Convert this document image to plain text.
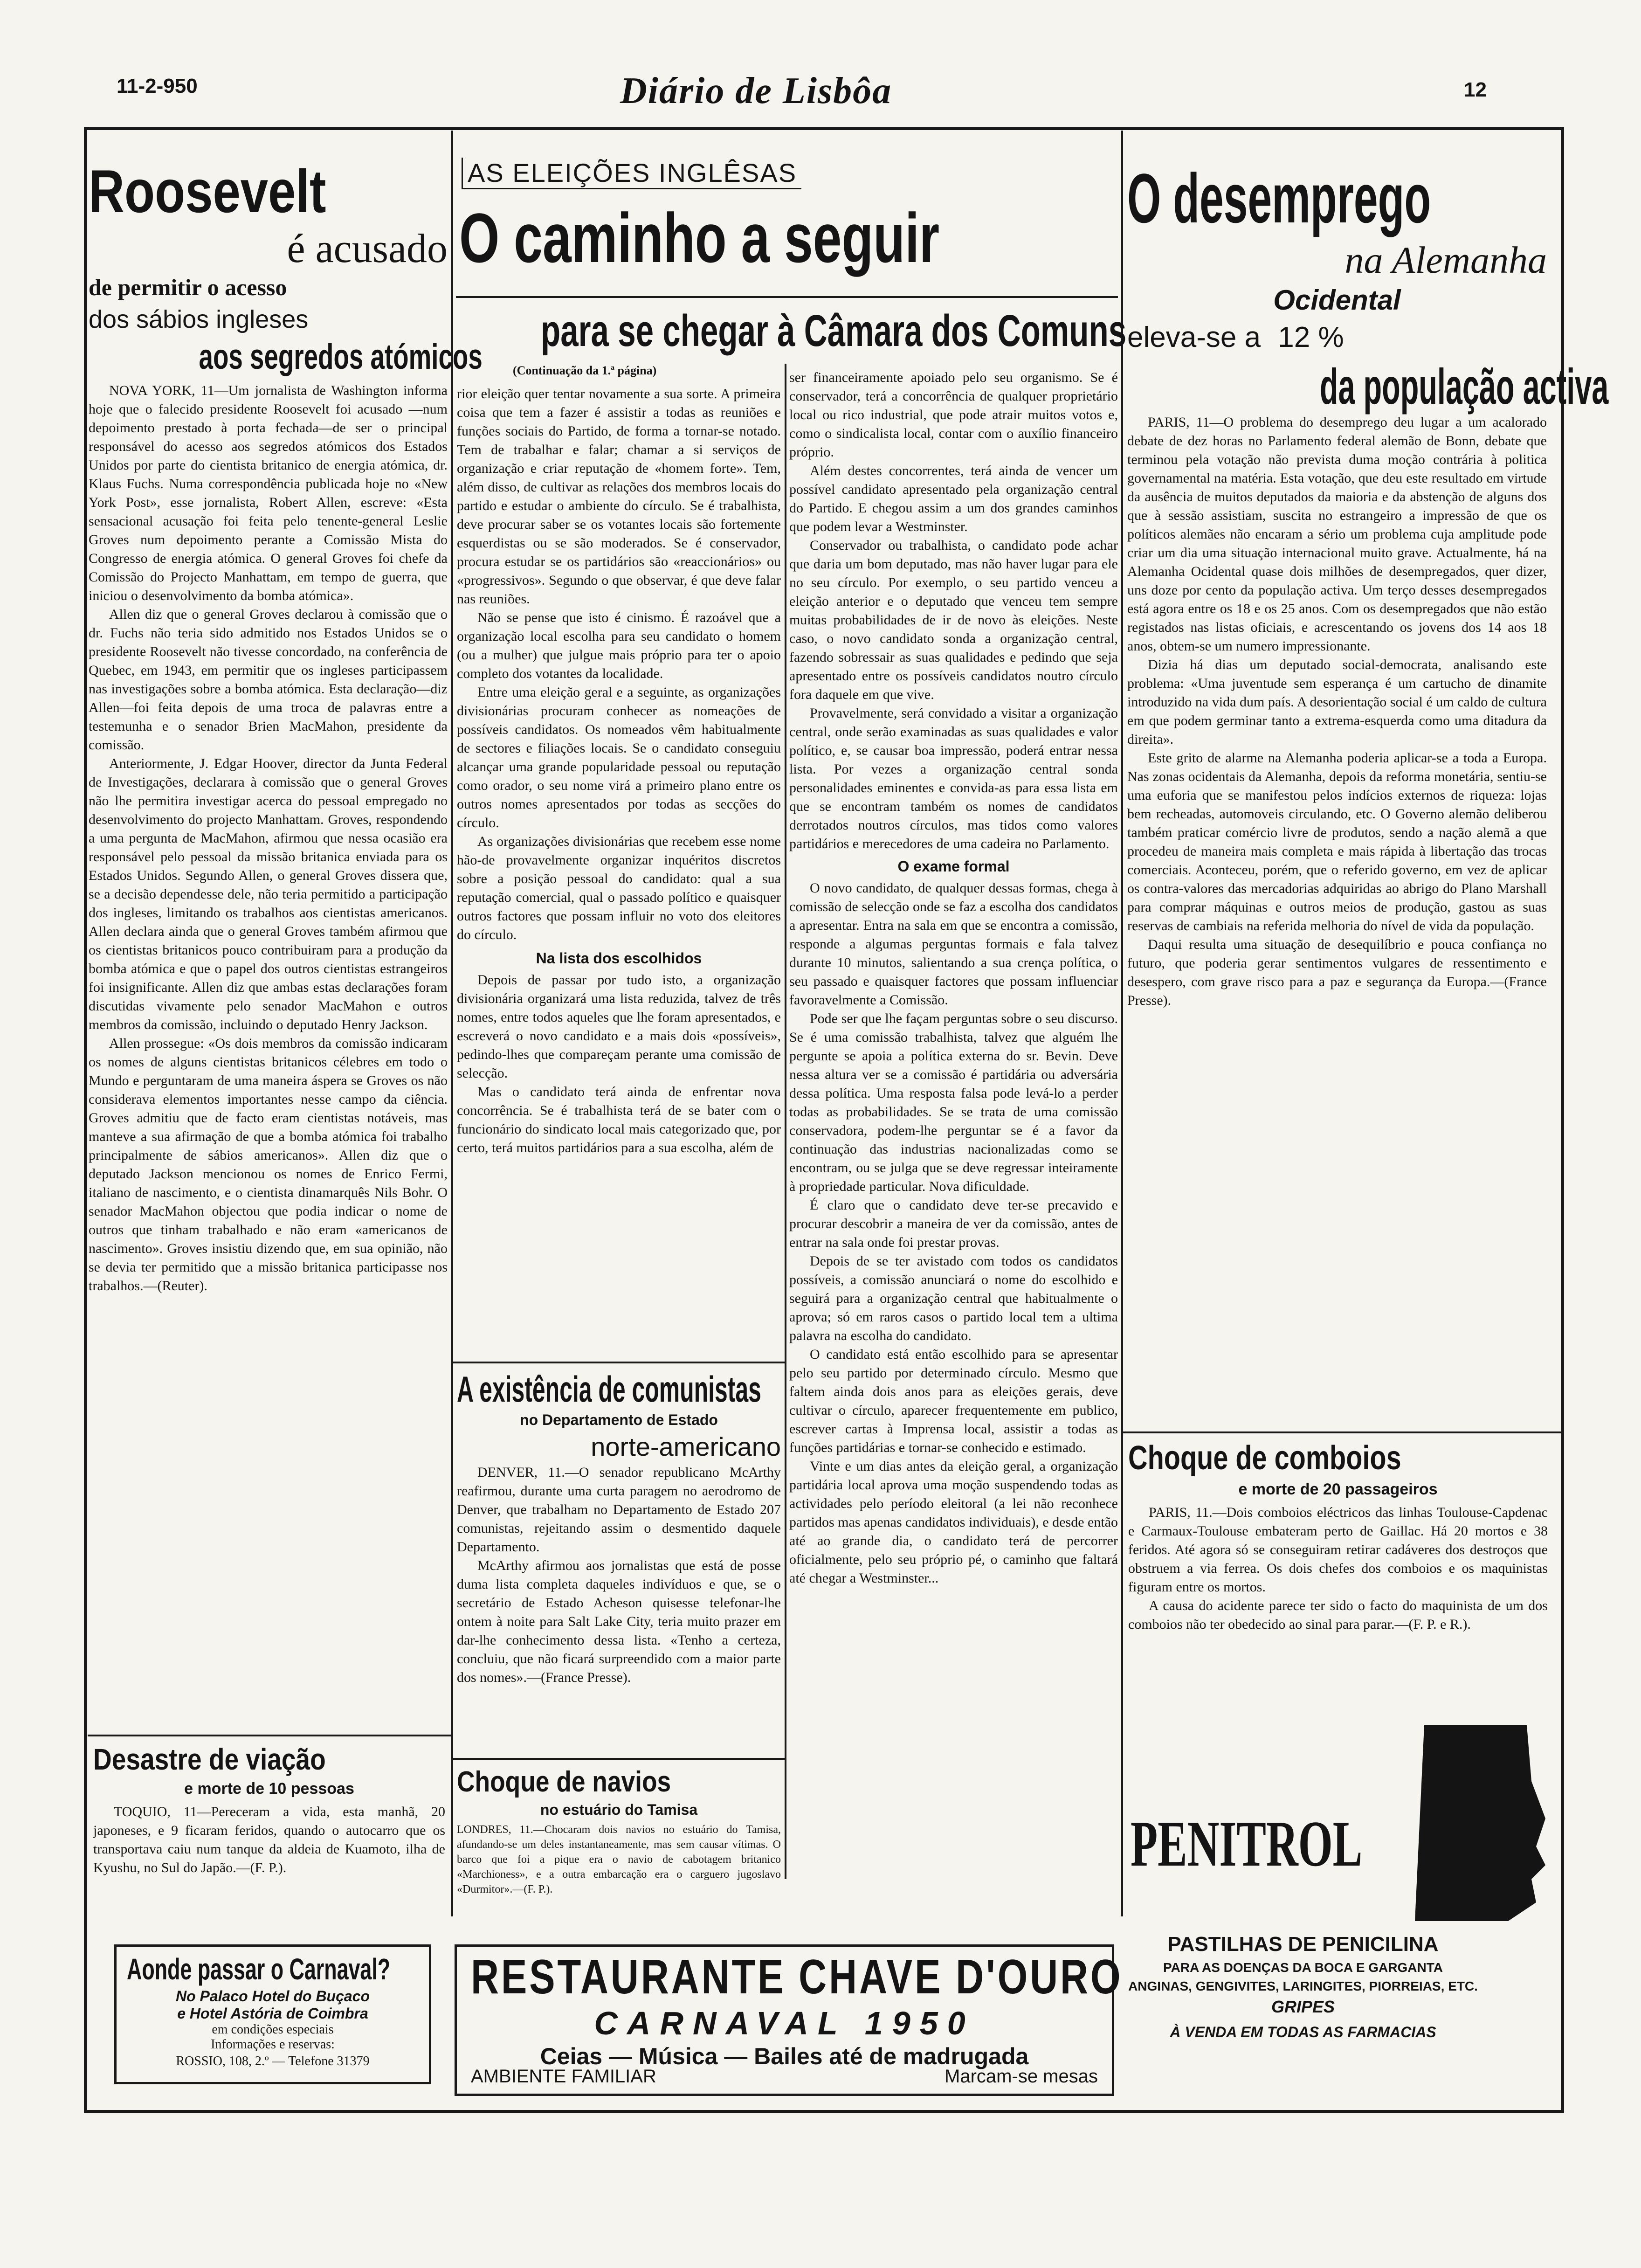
11-2-950	Diário de Lisbôa	12
Roosevelt
é acusado
de permitir o acesso
dos sábios ingleses
aos segredos atómicos

NOVA YORK, 11—Um jornalista de Washington informa hoje que o falecido presidente Roosevelt foi acusado —num depoimento prestado à porta fechada—de ser o principal responsável do acesso aos segredos atómicos dos Estados Unidos por parte do cientista britanico de energia atómica, dr. Klaus Fuchs. Numa correspondência publicada hoje no «New York Post», esse jornalista, Robert Allen, escreve: «Esta sensacional acusação foi feita pelo tenente-general Leslie Groves num depoimento perante a Comissão Mista do Congresso de energia atómica. O general Groves foi chefe da Comissão do Projecto Manhattam, em tempo de guerra, que iniciou o desenvolvimento da bomba atómica».

Allen diz que o general Groves declarou à comissão que o dr. Fuchs não teria sido admitido nos Estados Unidos se o presidente Roosevelt não tivesse concordado, na conferência de Quebec, em 1943, em permitir que os ingleses participassem nas investigações sobre a bomba atómica. Esta declaração—diz Allen—foi feita depois de uma troca de palavras entre a testemunha e o senador Brien MacMahon, presidente da comissão.

Anteriormente, J. Edgar Hoover, director da Junta Federal de Investigações, declarara à comissão que o general Groves não lhe permitira investigar acerca do pessoal empregado no desenvolvimento do projecto Manhattam. Groves, respondendo a uma pergunta de MacMahon, afirmou que nessa ocasião era responsável pelo pessoal da missão britanica enviada para os Estados Unidos. Segundo Allen, o general Groves dissera que, se a decisão dependesse dele, não teria permitido a participação dos ingleses, limitando os trabalhos aos cientistas americanos. Allen declara ainda que o general Groves também afirmou que os cientistas britanicos pouco contribuiram para a produção da bomba atómica e que o papel dos outros cientistas estrangeiros foi insignificante. Allen diz que ambas estas declarações foram discutidas vivamente pelo senador MacMahon e outros membros da comissão, incluindo o deputado Henry Jackson.

Allen prossegue: «Os dois membros da comissão indicaram os nomes de alguns cientistas britanicos célebres em todo o Mundo e perguntaram de uma maneira áspera se Groves os não considerava elementos importantes nesse campo da ciência. Groves admitiu que de facto eram cientistas notáveis, mas manteve a sua afirmação de que a bomba atómica foi trabalho principalmente de sábios americanos». Allen diz que o deputado Jackson mencionou os nomes de Enrico Fermi, italiano de nascimento, e o cientista dinamarquês Nils Bohr. O senador MacMahon objectou que podia indicar o nome de outros que tinham trabalhado e não eram «americanos de nascimento». Groves insistiu dizendo que, em sua opinião, não se devia ter permitido que a missão britanica participasse nos trabalhos.—(Reuter).

Desastre de viação
e morte de 10 pessoas

TOQUIO, 11—Pereceram a vida, esta manhã, 20 japoneses, e 9 ficaram feridos, quando o autocarro que os transportava caiu num tanque da aldeia de Kuamoto, ilha de Kyushu, no Sul do Japão.—(F. P.).

Aonde passar o Carnaval?
No Palaco Hotel do Buçaco
e Hotel Astória de Coimbra
em condições especiais
Informações e reservas:
ROSSIO, 108, 2.º — Telefone 31379
AS ELEIÇÕES INGLÊSAS
O caminho a seguir
para se chegar à Câmara dos Comuns
(Continuação da 1.ª página)

rior eleição quer tentar novamente a sua sorte. A primeira coisa que tem a fazer é assistir a todas as reuniões e funções sociais do Partido, de forma a tornar-se notado. Tem de trabalhar e falar; chamar a si serviços de organização e criar reputação de «homem forte». Tem, além disso, de cultivar as relações dos membros locais do partido e estudar o ambiente do círculo. Se é trabalhista, deve procurar saber se os votantes locais são fortemente esquerdistas ou se são moderados. Se é conservador, procura estudar se os partidários são «reaccionários» ou «progressivos». Segundo o que observar, é que deve falar nas reuniões.

Não se pense que isto é cinismo. É razoável que a organização local escolha para seu candidato o homem (ou a mulher) que julgue mais próprio para ter o apoio completo dos votantes da localidade.

Entre uma eleição geral e a seguinte, as organizações divisionárias procuram conhecer as nomeações de possíveis candidatos. Os nomeados vêm habitualmente de sectores e filiações locais. Se o candidato conseguiu alcançar uma grande popularidade pessoal ou reputação como orador, o seu nome virá a primeiro plano entre os outros nomes apresentados por todas as secções do círculo.

As organizações divisionárias que recebem esse nome hão-de provavelmente organizar inquéritos discretos sobre a posição pessoal do candidato: qual a sua reputação comercial, qual o passado político e quaisquer outros factores que possam influir no voto dos eleitores do círculo.

Na lista dos escolhidos

Depois de passar por tudo isto, a organização divisionária organizará uma lista reduzida, talvez de três nomes, entre todos aqueles que lhe foram apresentados, e escreverá o novo candidato e a mais dois «possíveis», pedindo-lhes que compareçam perante uma comissão de selecção.

Mas o candidato terá ainda de enfrentar nova concorrência. Se é trabalhista terá de se bater com o funcionário do sindicato local mais categorizado que, por certo, terá muitos partidários para a sua escolha, além de

ser financeiramente apoiado pelo seu organismo. Se é conservador, terá a concorrência de qualquer proprietário local ou rico industrial, que pode atrair muitos votos e, como o sindicalista local, contar com o auxílio financeiro próprio.

Além destes concorrentes, terá ainda de vencer um possível candidato apresentado pela organização central do Partido. E chegou assim a um dos grandes caminhos que podem levar a Westminster.

Conservador ou trabalhista, o candidato pode achar que daria um bom deputado, mas não haver lugar para ele no seu círculo. Por exemplo, o seu partido venceu a eleição anterior e o deputado que venceu tem sempre muitas probabilidades de ir de novo às eleições. Neste caso, o novo candidato sonda a organização central, fazendo sobressair as suas qualidades e pedindo que seja apresentado entre os possíveis candidatos noutro círculo fora daquele em que vive.

Provavelmente, será convidado a visitar a organização central, onde serão examinadas as suas qualidades e valor político, e, se causar boa impressão, poderá entrar nessa lista. Por vezes a organização central sonda personalidades eminentes e convida-as para essa lista em que se encontram também os nomes de candidatos derrotados noutros círculos, mas tidos como valores partidários e merecedores de uma cadeira no Parlamento.

O exame formal

O novo candidato, de qualquer dessas formas, chega à comissão de selecção onde se faz a escolha dos candidatos a apresentar. Entra na sala em que se encontra a comissão, responde a algumas perguntas formais e fala talvez durante 10 minutos, salientando a sua crença política, o seu passado e quaisquer factores que possam influenciar favoravelmente a Comissão.

Pode ser que lhe façam perguntas sobre o seu discurso. Se é uma comissão trabalhista, talvez que alguém lhe pergunte se apoia a política externa do sr. Bevin. Deve nessa altura ver se a comissão é partidária ou adversária dessa política. Uma resposta falsa pode levá-lo a perder todas as probabilidades. Se se trata de uma comissão conservadora, podem-lhe perguntar se é a favor da continuação das industrias nacionalizadas como se encontram, ou se julga que se deve regressar inteiramente à propriedade particular. Nova dificuldade.

É claro que o candidato deve ter-se precavido e procurar descobrir a maneira de ver da comissão, antes de entrar na sala onde foi prestar provas.

Depois de se ter avistado com todos os candidatos possíveis, a comissão anunciará o nome do escolhido e seguirá para a organização central que habitualmente o aprova; só em raros casos o partido local tem a ultima palavra na escolha do candidato.

O candidato está então escolhido para se apresentar pelo seu partido por determinado círculo. Mesmo que faltem ainda dois anos para as eleições gerais, deve cultivar o círculo, aparecer frequentemente em publico, escrever cartas à Imprensa local, assistir a todas as funções partidárias e tornar-se conhecido e estimado.

Vinte e um dias antes da eleição geral, a organização partidária local aprova uma moção suspendendo todas as actividades pelo período eleitoral (a lei não reconhece partidos mas apenas candidatos individuais), e desde então até ao grande dia, o candidato terá de percorrer oficialmente, pelo seu próprio pé, o caminho que faltará até chegar a Westminster...

A existência de comunistas
no Departamento de Estado
norte-americano

DENVER, 11.—O senador republicano McArthy reafirmou, durante uma curta paragem no aerodromo de Denver, que trabalham no Departamento de Estado 207 comunistas, rejeitando assim o desmentido daquele Departamento.

McArthy afirmou aos jornalistas que está de posse duma lista completa daqueles indivíduos e que, se o secretário de Estado Acheson quisesse telefonar-lhe ontem à noite para Salt Lake City, teria muito prazer em dar-lhe conhecimento dessa lista. «Tenho a certeza, concluiu, que não ficará surpreendido com a maior parte dos nomes».—(France Presse).

Choque de navios
no estuário do Tamisa
LONDRES, 11.—Chocaram dois navios no estuário do Tamisa, afundando-se um deles instantaneamente, mas sem causar vítimas. O barco que foi a pique era o navio de cabotagem britanico «Marchioness», e a outra embarcação era o carguero jugoslavo «Durmitor».—(F. P.).
RESTAURANTE CHAVE D'OURO
CARNAVAL 1950
Ceias — Música — Bailes até de madrugada
AMBIENTE FAMILIAR	Marcam-se mesas
O desemprego
na Alemanha
Ocidental
eleva-se a 12 %
da população activa

PARIS, 11—O problema do desemprego deu lugar a um acalorado debate de dez horas no Parlamento federal alemão de Bonn, debate que terminou pela votação não prevista duma moção contrária à politica governamental na matéria. Esta votação, que deu este resultado em virtude da ausência de muitos deputados da maioria e da abstenção de alguns dos que à sessão assistiam, suscita no estrangeiro a impressão de que os políticos alemães não encaram a sério um problema cuja amplitude pode criar um dia uma situação internacional muito grave. Actualmente, há na Alemanha Ocidental quase dois milhões de desempregados, quer dizer, uns doze por cento da população activa. Um terço desses desempregados está agora entre os 18 e os 25 anos. Com os desempregados que não estão registados nas listas oficiais, e acrescentando os jovens dos 14 aos 18 anos, obtem-se um numero impressionante.

Dizia há dias um deputado social-democrata, analisando este problema: «Uma juventude sem esperança é um cartucho de dinamite introduzido na vida dum país. A desorientação social é um caldo de cultura em que podem germinar tanto a extrema-esquerda como uma ditadura da direita».

Este grito de alarme na Alemanha poderia aplicar-se a toda a Europa. Nas zonas ocidentais da Alemanha, depois da reforma monetária, sentiu-se uma euforia que se manifestou pelos indícios externos de riqueza: lojas bem recheadas, automoveis circulando, etc. O Governo alemão deliberou também praticar comércio livre de produtos, sendo a nação alemã a que procedeu de maneira mais completa e mais rápida à libertação das trocas comerciais. Aconteceu, porém, que o referido governo, em vez de aplicar os contra-valores das mercadorias adquiridas ao abrigo do Plano Marshall para comprar máquinas e outros meios de produção, gastou as suas reservas de cambiais na referida melhoria do nível de vida da população.

Daqui resulta uma situação de desequilíbrio e pouca confiança no futuro, que poderia gerar sentimentos vulgares de ressentimento e desespero, com grave risco para a paz e segurança da Europa.—(France Presse).

Choque de comboios
e morte de 20 passageiros

PARIS, 11.—Dois comboios eléctricos das linhas Toulouse-Capdenac e Carmaux-Toulouse embateram perto de Gaillac. Há 20 mortos e 38 feridos. Até agora só se conseguiram retirar cadáveres dos destroços que obstruem a via ferrea. Os dois chefes dos comboios e os maquinistas figuram entre os mortos.

A causa do acidente parece ter sido o facto do maquinista de um dos comboios não ter obedecido ao sinal para parar.—(F. P. e R.).

PENITROL
PASTILHAS DE PENICILINA
PARA AS DOENÇAS DA BOCA E GARGANTA
ANGINAS, GENGIVITES, LARINGITES, PIORREIAS, ETC.
GRIPES
À VENDA EM TODAS AS FARMACIAS
